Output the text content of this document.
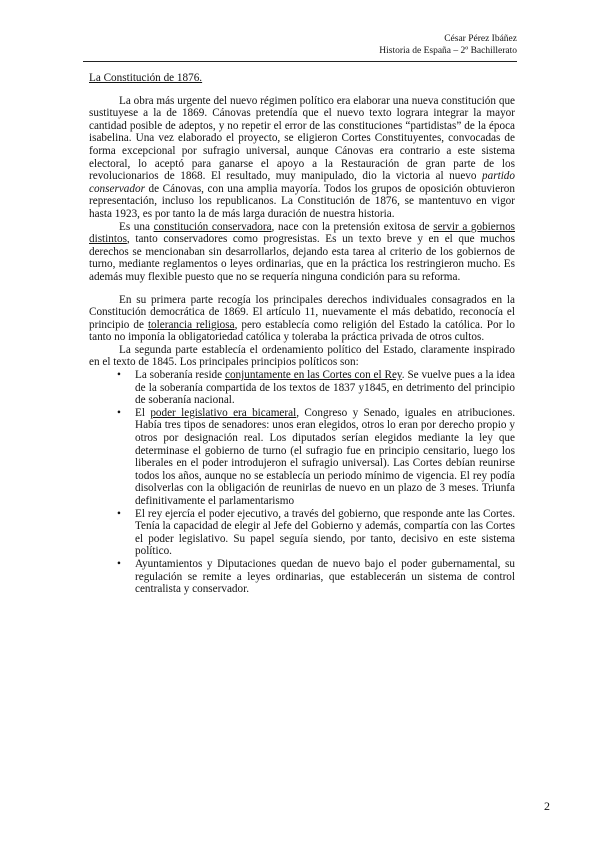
César Pérez Ibáñez
Historia de España – 2º Bachillerato

La Constitución de 1876.

La obra más urgente del nuevo régimen político era elaborar una nueva constitución que sustituyese a la de 1869. Cánovas pretendía que el nuevo texto lograra integrar la mayor cantidad posible de adeptos, y no repetir el error de las constituciones “partidistas” de la época isabelina. Una vez elaborado el proyecto, se eligieron Cortes Constituyentes, convocadas de forma excepcional por sufragio universal, aunque Cánovas era contrario a este sistema electoral, lo aceptó para ganarse el apoyo a la Restauración de gran parte de los revolucionarios de 1868. El resultado, muy manipulado, dio la victoria al nuevo partido conservador de Cánovas, con una amplia mayoría. Todos los grupos de oposición obtuvieron representación, incluso los republicanos. La Constitución de 1876, se mantentuvo en vigor hasta 1923, es por tanto la de más larga duración de nuestra historia.

Es una constitución conservadora, nace con la pretensión exitosa de servir a gobiernos distintos, tanto conservadores como progresistas. Es un texto breve y en el que muchos derechos se mencionaban sin desarrollarlos, dejando esta tarea al criterio de los gobiernos de turno, mediante reglamentos o leyes ordinarias, que en la práctica los restringieron mucho. Es además muy flexible puesto que no se requería ninguna condición para su reforma.

En su primera parte recogía los principales derechos individuales consagrados en la Constitución democrática de 1869. El artículo 11, nuevamente el más debatido, reconocía el principio de tolerancia religiosa, pero establecía como religión del Estado la católica. Por lo tanto no imponía la obligatoriedad católica y toleraba la práctica privada de otros cultos.

La segunda parte establecía el ordenamiento político del Estado, claramente inspirado en el texto de 1845. Los principales principios políticos son:

• La soberanía reside conjuntamente en las Cortes con el Rey. Se vuelve pues a la idea de la soberanía compartida de los textos de 1837 y1845, en detrimento del principio de soberanía nacional.
• El poder legislativo era bicameral, Congreso y Senado, iguales en atribuciones. Había tres tipos de senadores: unos eran elegidos, otros lo eran por derecho propio y otros por designación real. Los diputados serían elegidos mediante la ley que determinase el gobierno de turno (el sufragio fue en principio censitario, luego los liberales en el poder introdujeron el sufragio universal). Las Cortes debían reunirse todos los años, aunque no se establecía un periodo mínimo de vigencia. El rey podía disolverlas con la obligación de reunirlas de nuevo en un plazo de 3 meses. Triunfa definitivamente el parlamentarismo
• El rey ejercía el poder ejecutivo, a través del gobierno, que responde ante las Cortes. Tenía la capacidad de elegir al Jefe del Gobierno y además, compartía con las Cortes el poder legislativo. Su papel seguía siendo, por tanto, decisivo en este sistema político.
• Ayuntamientos y Diputaciones quedan de nuevo bajo el poder gubernamental, su regulación se remite a leyes ordinarias, que establecerán un sistema de control centralista y conservador.
2
